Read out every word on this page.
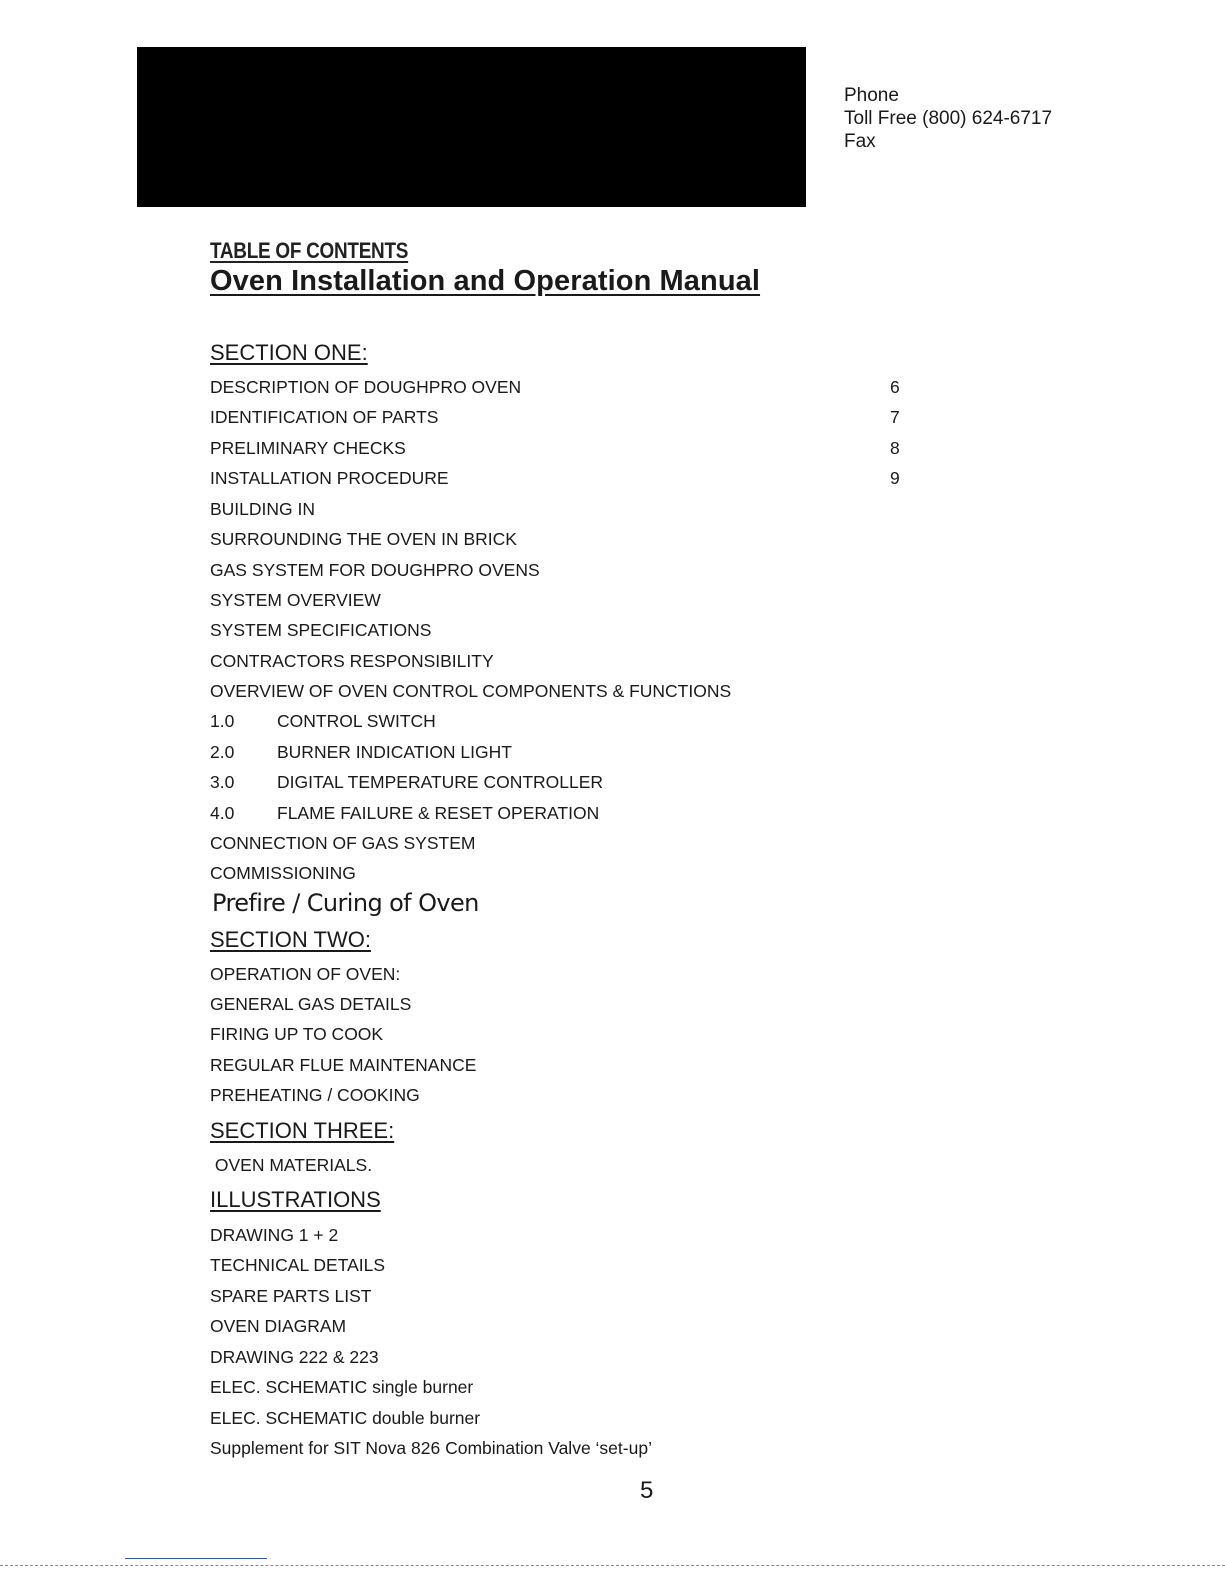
Phone
Toll Free (800) 624-6717
Fax
TABLE OF CONTENTS
Oven Installation and Operation Manual
SECTION ONE:
DESCRIPTION OF DOUGHPRO OVEN	6
IDENTIFICATION OF PARTS	7
PRELIMINARY CHECKS	8
INSTALLATION PROCEDURE	9
BUILDING IN
SURROUNDING THE OVEN IN BRICK
GAS SYSTEM FOR DOUGHPRO OVENS
SYSTEM OVERVIEW
SYSTEM SPECIFICATIONS
CONTRACTORS RESPONSIBILITY
OVERVIEW OF OVEN CONTROL COMPONENTS & FUNCTIONS
1.0 CONTROL SWITCH
2.0 BURNER INDICATION LIGHT
3.0 DIGITAL TEMPERATURE CONTROLLER
4.0 FLAME FAILURE & RESET OPERATION
CONNECTION OF GAS SYSTEM
COMMISSIONING
Prefire / Curing of Oven
SECTION TWO:
OPERATION OF OVEN:
GENERAL GAS DETAILS
FIRING UP TO COOK
REGULAR FLUE MAINTENANCE
PREHEATING / COOKING
SECTION THREE:
OVEN MATERIALS.
ILLUSTRATIONS
DRAWING 1 + 2
TECHNICAL DETAILS
SPARE PARTS LIST
OVEN DIAGRAM
DRAWING 222 & 223
ELEC. SCHEMATIC single burner
ELEC. SCHEMATIC double burner
Supplement for SIT Nova 826 Combination Valve ‘set-up’
5
